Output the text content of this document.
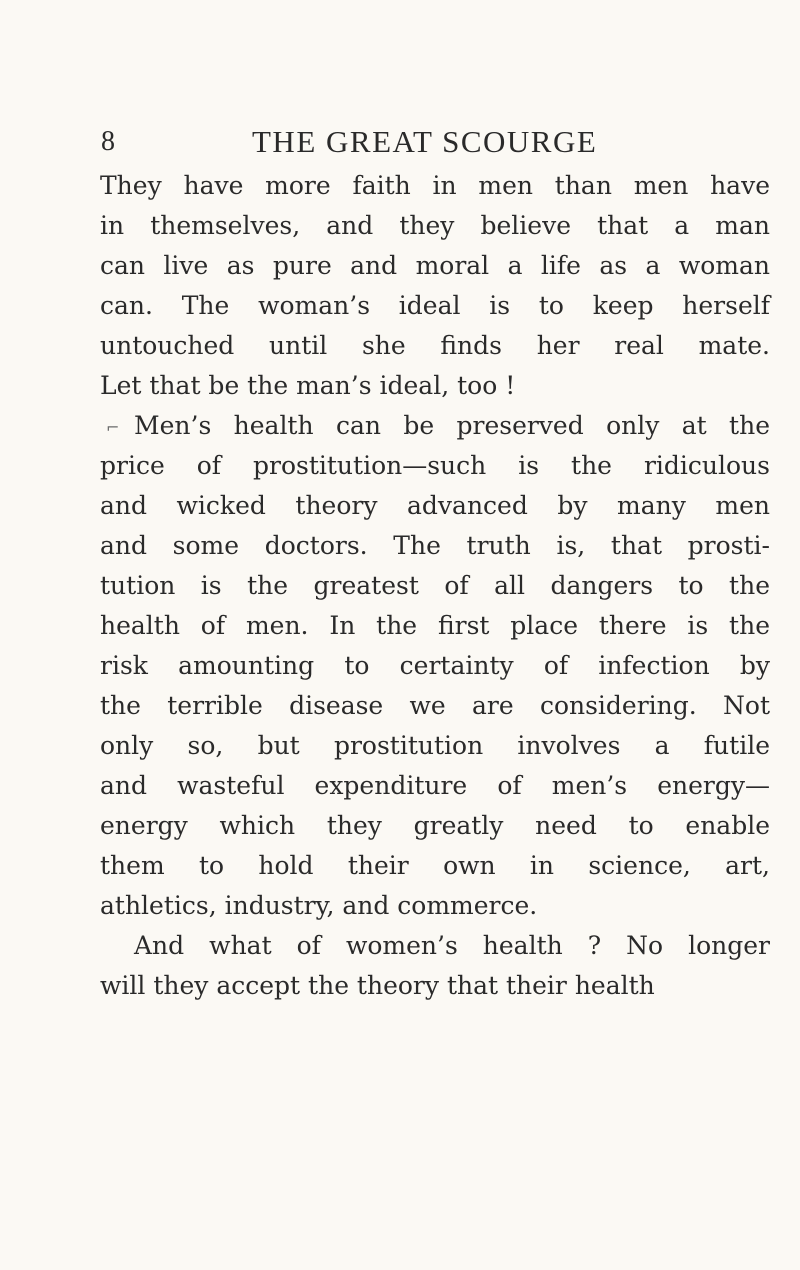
8	THE GREAT SCOURGE
They have more faith in men than men have
in themselves, and they believe that a man
can live as pure and moral a life as a woman
can. The woman’s ideal is to keep herself
untouched until she finds her real mate.
Let that be the man’s ideal, too !
⌐ Men’s health can be preserved only at the
price of prostitution—such is the ridiculous
and wicked theory advanced by many men
and some doctors. The truth is, that prosti-
tution is the greatest of all dangers to the
health of men. In the first place there is the
risk amounting to certainty of infection by
the terrible disease we are considering. Not
only so, but prostitution involves a futile
and wasteful expenditure of men’s energy—
energy which they greatly need to enable
them to hold their own in science, art,
athletics, industry, and commerce.
And what of women’s health ? No longer
will they accept the theory that their health
